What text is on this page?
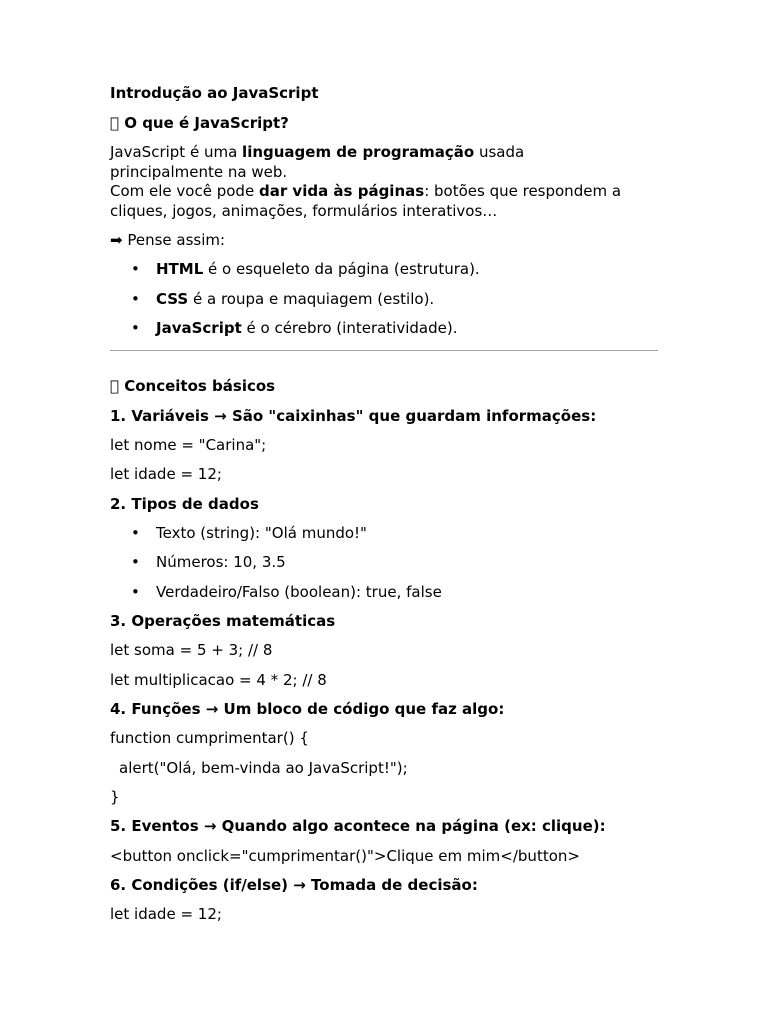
Introdução ao JavaScript
  O que é JavaScript?
JavaScript é uma linguagem de programação usada
principalmente na web.
Com ele você pode dar vida às páginas: botões que respondem a
cliques, jogos, animações, formulários interativos…
➡ Pense assim:
• HTML é o esqueleto da página (estrutura).
• CSS é a roupa e maquiagem (estilo).
• JavaScript é o cérebro (interatividade).
  Conceitos básicos
1. Variáveis → São "caixinhas" que guardam informações:
let nome = "Carina";
let idade = 12;
2. Tipos de dados
• Texto (string): "Olá mundo!"
• Números: 10, 3.5
• Verdadeiro/Falso (boolean): true, false
3. Operações matemáticas
let soma = 5 + 3; // 8
let multiplicacao = 4 * 2; // 8
4. Funções → Um bloco de código que faz algo:
function cumprimentar() {
alert("Olá, bem-vinda ao JavaScript!");
}
5. Eventos → Quando algo acontece na página (ex: clique):
<button onclick="cumprimentar()">Clique em mim</button>
6. Condições (if/else) → Tomada de decisão:
let idade = 12;
